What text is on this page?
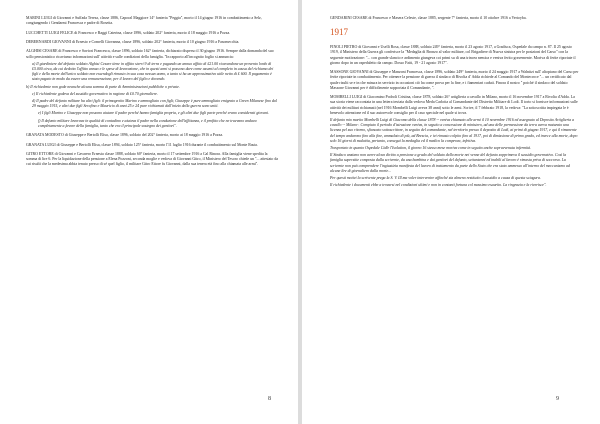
MARINI LUIGI di Giovanni e Suffada Teresa, classe 1886, Caporal Maggiore 14° fanteria "Peggia", morto il 14 giugno 1916 in combattimento a Selz, congiungendo i Gendarmi Francesca e padre di Rosetta.

LUCCHETTI LUIGI FELICE di Francesco e Raggi Caterina, classe 1896, soldato 202° fanteria, morto il 18 maggio 1916 a Pozza.

DEBERNARDI GIOVANNI di Ernesto e Comelli Giovanna, classe 1896, soldato 202° fanteria, morto il 10 giugno 1916 a Fasomecchia.

ALGHISI CESARE di Francesco e Saviori Francesca, classe 1896, soldato 162° fanteria, dichiarato disperso il 30 giugno 1916. Sempre dalla domanda del suo sollo pensionistico ricaviamo informazioni sull' attività e sulle condizioni della famiglia. "In rapporto all'incognito foglio si annuncia:

a) Il giardiniere del defunto soldato Alghisi Cesare tiene in affitto sterri 9 di terra e pagando un annuo affitto di £21.00 ricavandone un provento lordo di £5.000 circa, da cui dedotto l'affitto annuo e le spese di lavorazione, che in questi anni si possono dare come assenti al completo in causa del richiamo dei figli e della morte dell'unico soldato non essendogli rimasto in sua casa nessun uomo, a tanto si ha un approssimativo utile netto di £ 600. Il pagamento è stato pagato in modo da essere una remunerazione, per il lavoro del figlio e dovendo.

b) Il richiedente non gode neanche alcuna somma di parte di Amministrazioni pubbliche o private.

c) Il richiedente godeva del sussidio governativo in ragione di £0.70 giornaliere.

d) Il padre del defunto militare ha altri figli: il primogenito Marino e ammogliato con figli; Giuseppe è pure ammogliato emigrato a Green Milanese fino dal 29 maggio 1915, e altri due figli Serafino e Mauricio di anni 25 e 24 pure richiamati dall'inizio della guerra sono uniti.

e) I figli Marino e Giuseppe non possono aiutare il padre perché hanno famiglia propria, e gli altri due figli parte perché erano considerati giovani.

f) Il defunto militare lavorava in qualità di contadino e aiutava il padre nella conduzione dell'affittanza, e il profitto che ne traevano andava completamente a favore della famiglia, tanto che era il principale sostegno dei genitori".

GRANATA MODESTO di Giuseppe e Bertolli Elisa, classe 1896, soldato del 202° fanteria, morto ai 18 maggio 1916 a Pozza.

GRANATA LUIGI di Giuseppe e Bertolli Elisa, classe 1894, soldato 125° fanteria, morto l'11 luglio 1916 durante il combattimento sul Monte Rasta.

GITRO ETTORE di Giovanni e Cavarero Ernesta classe 1888, soldato 60° fanteria, morto il 17 settembre 1916 a Cal Rinora. Alla famiglia viene spedita la somma di lire 6. Per la liquidazione della pensione a Elena Pozzoni, seconda moglie e vedova di Giovanni Gitro, il Ministero del Tesoro chiede un "... attestato da cui risulti che la medesima abbia tenuto presso di sé quel figlio, il militare Gitro Ettore fu Giovanni, dalla sua tenera età fino alla chiamata alle armi".

8

GENDARINI CESARE di Francesco e Masera Celeste, classe 1885, sergente 7° fanteria, morto il 10 ottobre 1916 a Vertoyba.

1917

FINOLI PIETRO di Giovanni e Uselli Rosa, classe 1888, soldato 249° fanteria, morto il 23 agosto 1917, a Gradisca, Ospedale da campo n. 87. Il 25 agosto 1919, il Ministero della Guerra gli conferisce la "Medaglia di Bronzo al valor militare, col Brigadiere di Nuova sinistra per le posizioni del Carso" con la seguente motivazione: "... con grande slancio e ardimento giungeva coi primi su di una trincea nemica e veniva ferito gravemente. Moriva di ferite riportate il giorno dopo in un ospedaletto da campo. Dosso Faiti, 19 - 21 agosto 1917".

MASSONE GIOVANNI di Giuseppe e Manzoni Francesca, classe 1896, soldato 249° fanteria, morto il 24 maggio 1917 a Walnitzi sull' altopiano del Carso per ferite riportate in combattimento. Per ottenere la pensione di guerra il sindaco di Rivolta d' Adda richiede al Comando del Montecroce "... un certificato dal quale risulti se e in che misura in servizio in occasioni ciò ha come prova per la fine, e i fiamentari caduti. Finora il nostro " poiché il sindaco del soldato Massone Giovanni per è difficilmente sopportata il Comandante, ".

MOMBELLI LUIGI di Giacomino Podroli Cristina, classe 1878, soldato 26° artiglieria a cavallo in Milano, morto il 16 novembre 1917 a Rivolta d'Adda. La sua storia viene raccontata in una lettera inviata dalla vedova Meda Carlotta al Comandante del Distretto Militare di Lodi. Il torto si fornisce informazioni sulle attività dei militari richiamati (nel 1916 Mombelli Luigi aveva 38 anni) sotto le armi. Scrive, il 7 febbraio 1918, la vedova: "La sottoscritta impiegata le è benevolo attenzione ed il suo autorevole consiglio per il caso speciale nel quale si trova.

Il defunto mio marito Mombelli Luigi di Giacomo della classe 1878 -- veniva chiamato alle armi il 10 novembre 1916 ed assegnato al Deposito Artiglieria a cavallo -- Milano-. Compiuto il periodo d'istruzione veniva, in seguito a concessione di ministero, ad una delle permessione da terra aveva maturato una licenza pel suo ritorno, sfiancato sottoscrittore, in seguito del comandante, nel territorio presso il deposito di Lodi, ai primi di giugno 1917, e qui il rimanente del tempo andarono fino alla fine, ammalato di più, ad Brescia, e ivi rimasto colpito fino al 1917, poi di dimissione di primo grado, ed invece alla morte, dopo solo 16 giorni di malattia, pertanto, conseguì la medaglia ed il medico la comprova, infettiva.

Trasportato in quanto Ospedale Cidle l'Isolation, il giorno 16 stesso mese moriva come in seguito anche sopravvenuta infermità.

Il Sindaco anziano non avere alcun diritto a pensione a grado del soldato della morte nei venne del defunto sopprimeva il sussidio governativo. Così la famiglia superstite composta dalla scrivente, da una bambina e dai genitori del defunto, settantenni ed inabili al lavoro è rimasta priva di soccorso. La scrivente non può comprendere l'ingiustizia manifesta del lavoro di trattamento da parte dello Stato che era stato ammesso all'interno del meccanismo ad alcune lire di giornaliero dalla morte...

Per questi motivi la scrivente prega la S. V. Ill.ma voler intervenire affinché sia almeno restituito il sussidio a causa di questa sciagura.

Il richiedente i documenti ebbe a trovarsi nel condizioni ultimi e non in contanti fortuna col massimo esaurito. La ringrazia e la riverisce".

9
